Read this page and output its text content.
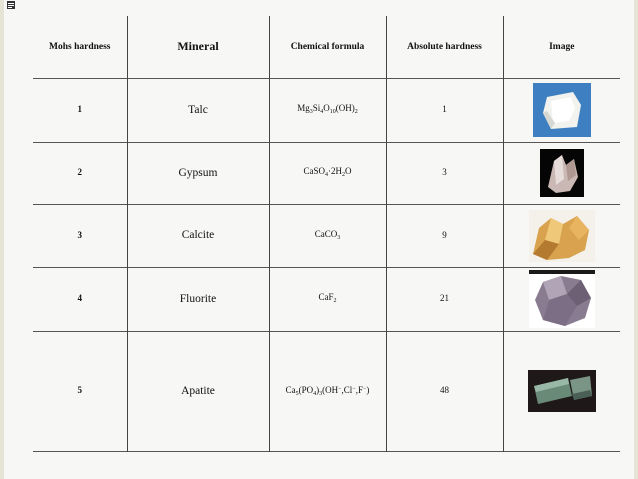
Mohs hardness	Mineral	Chemical formula	Absolute hardness	Image
1	Talc	$Mg_3Si_4O_{10}(OH)_2$	1	
2	Gypsum	$CaSO_4\cdot 2H_2O$	3	
3	Calcite	CaCO$_3$	9	
4	Fluorite	CaF$_2$	21	
5	Apatite	$Ca_5(PO_4)_3(OH^-,Cl^-,F^-)$	48	
